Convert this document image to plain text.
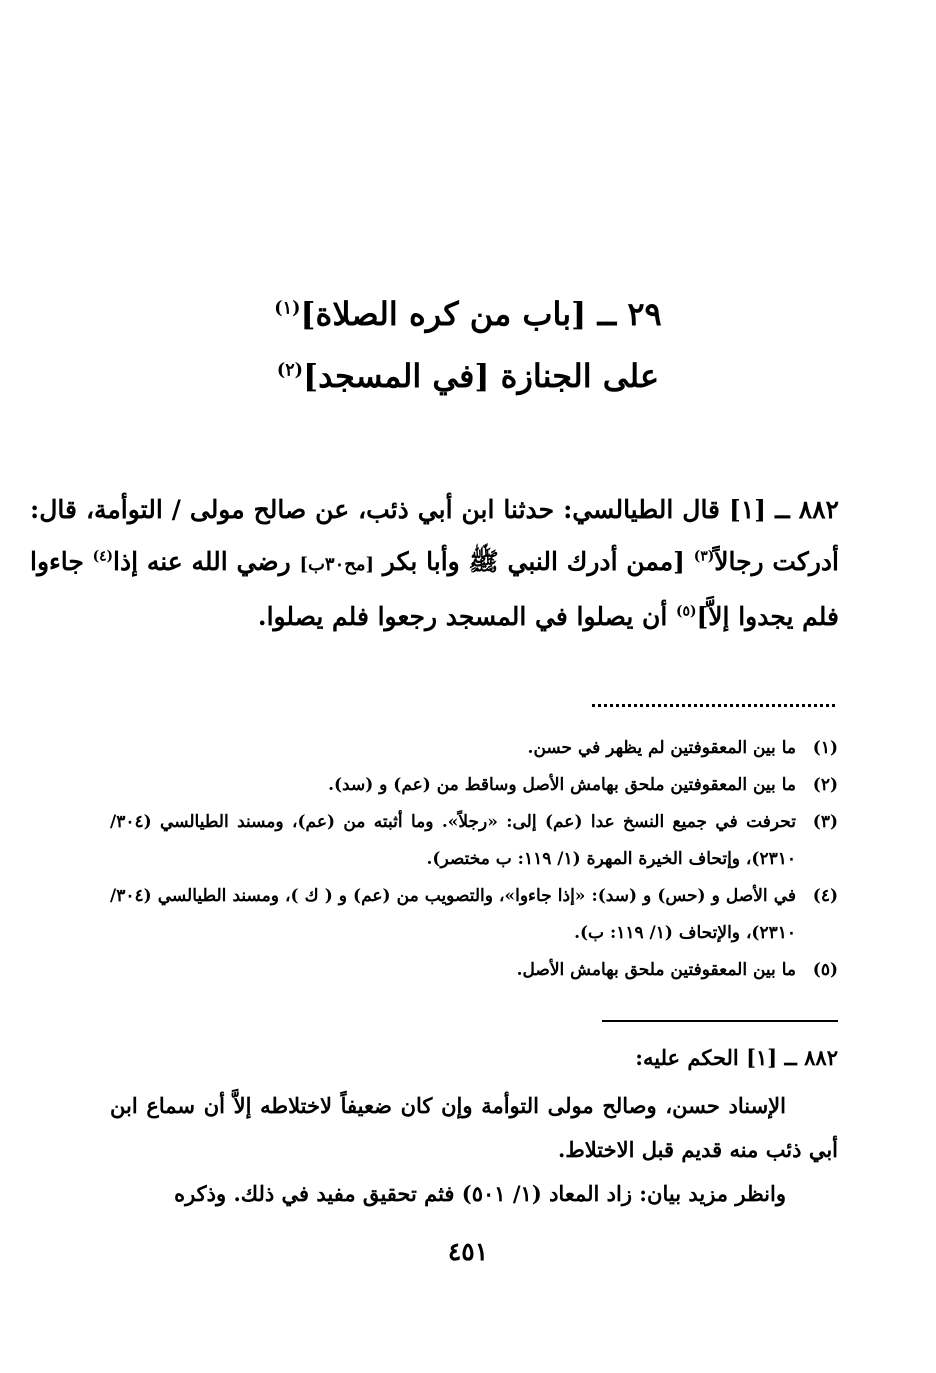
٢٩ ــ [باب من كره الصلاة]$^{(١)}$
على الجنازة [في المسجد]$^{(٢)}$
٨٨٢ ــ [١] قال الطيالسي: حدثنا ابن أبي ذئب، عن صالح مولى / التوأمة، قال: أدركت رجالاً$^{(٣)}$ [ممن أدرك النبي ﷺ وأبا بكر [مح٣٠ب] رضي الله عنه إذا$^{(٤)}$ جاءوا فلم يجدوا إلاَّ]$^{(٥)}$ أن يصلوا في المسجد رجعوا فلم يصلوا.
(١)
ما بين المعقوفتين لم يظهر في حسن.
(٢)
ما بين المعقوفتين ملحق بهامش الأصل وساقط من (عم) و (سد).
(٣)
تحرفت في جميع النسخ عدا (عم) إلى: «رجلاً». وما أثبته من (عم)، ومسند الطيالسي (٣٠٤/ ٢٣١٠)، وإتحاف الخيرة المهرة (١/ ١١٩: ب مختصر).
(٤)
في الأصل و (حس) و (سد): «إذا جاءوا»، والتصويب من (عم) و ( ك )، ومسند الطيالسي (٣٠٤/ ٢٣١٠)، والإتحاف (١/ ١١٩: ب).
(٥)
ما بين المعقوفتين ملحق بهامش الأصل.
٨٨٢ ــ [١] الحكم عليه:

الإسناد حسن، وصالح مولى التوأمة وإن كان ضعيفاً لاختلاطه إلاَّ أن سماع ابن أبي ذئب منه قديم قبل الاختلاط.

وانظر مزيد بيان: زاد المعاد (١/ ٥٠١) فثم تحقيق مفيد في ذلك. وذكره

٤٥١
